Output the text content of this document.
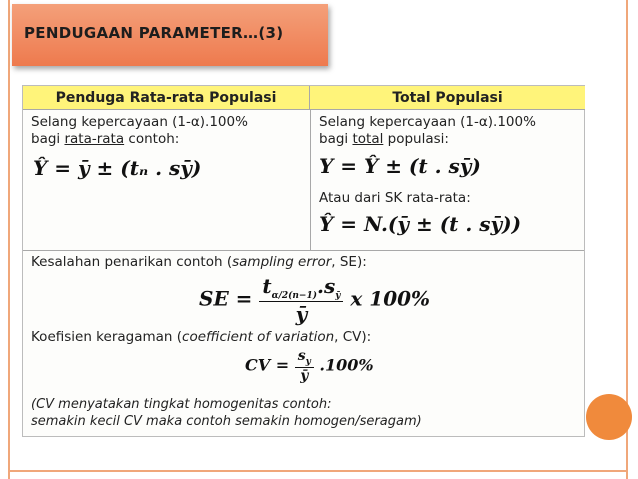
PENDUGAAN PARAMETER…(3)
Penduga Rata-rata Populasi	Total Populasi
Selang kepercayaan (1-α).100%
bagi rata-rata contoh:
Ŷ = ȳ ± (tₙ . sȳ)
Selang kepercayaan (1-α).100%
bagi total populasi:
Y = Ŷ ± (t . sȳ)
Atau dari SK rata-rata:
Ŷ = N.(ȳ ± (t . sȳ))
Kesalahan penarikan contoh (sampling error, SE):
SE = $\frac{t_{\alpha/2(n-1)}.s_ȳ}{ȳ}$ x 100%
Koefisien keragaman (coefficient of variation, CV):
CV = $\frac{s_y}{ȳ} .100\%$
(CV menyatakan tingkat homogenitas contoh:
semakin kecil CV maka contoh semakin homogen/seragam)
